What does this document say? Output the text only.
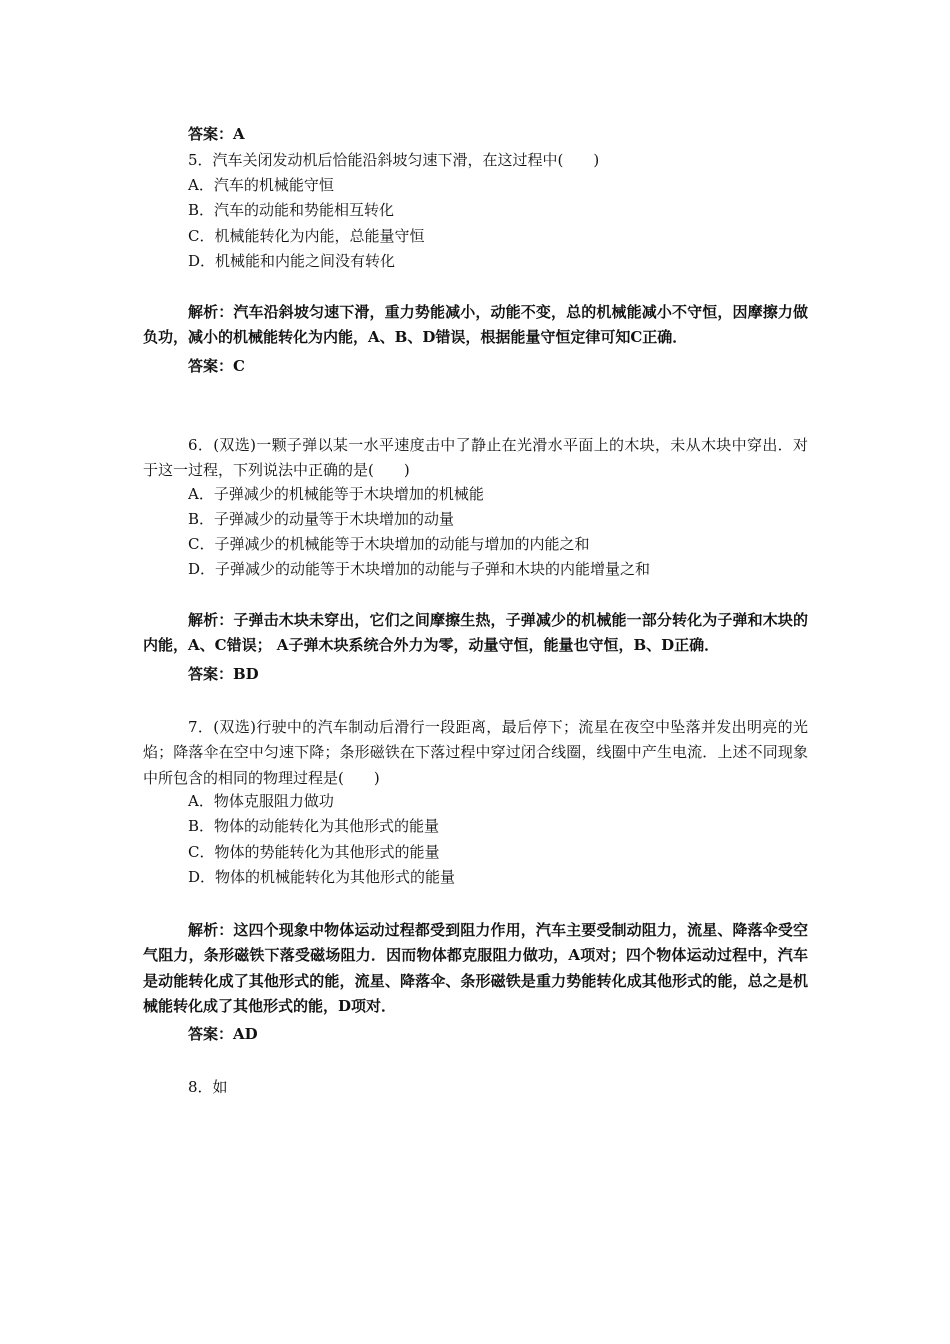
答案：A
5．汽车关闭发动机后恰能沿斜坡匀速下滑，在这过程中(　　)
A．汽车的机械能守恒
B．汽车的动能和势能相互转化
C．机械能转化为内能，总能量守恒
D．机械能和内能之间没有转化
解析：汽车沿斜坡匀速下滑，重力势能减小，动能不变，总的机械能减小不守恒，因摩擦力做负功，减小的机械能转化为内能，A、B、D错误，根据能量守恒定律可知C正确．
答案：C
6．(双选)一颗子弹以某一水平速度击中了静止在光滑水平面上的木块，未从木块中穿出．对于这一过程，下列说法中正确的是(　　)
A．子弹减少的机械能等于木块增加的机械能
B．子弹减少的动量等于木块增加的动量
C．子弹减少的机械能等于木块增加的动能与增加的内能之和
D．子弹减少的动能等于木块增加的动能与子弹和木块的内能增量之和
解析：子弹击木块未穿出，它们之间摩擦生热，子弹减少的机械能一部分转化为子弹和木块的内能，A、C错误； A子弹木块系统合外力为零，动量守恒，能量也守恒，B、D正确．
答案：BD
7．(双选)行驶中的汽车制动后滑行一段距离，最后停下；流星在夜空中坠落并发出明亮的光焰；降落伞在空中匀速下降；条形磁铁在下落过程中穿过闭合线圈，线圈中产生电流．上述不同现象中所包含的相同的物理过程是(　　)
A．物体克服阻力做功
B．物体的动能转化为其他形式的能量
C．物体的势能转化为其他形式的能量
D．物体的机械能转化为其他形式的能量
解析：这四个现象中物体运动过程都受到阻力作用，汽车主要受制动阻力，流星、降落伞受空气阻力，条形磁铁下落受磁场阻力．因而物体都克服阻力做功，A项对；四个物体运动过程中，汽车是动能转化成了其他形式的能，流星、降落伞、条形磁铁是重力势能转化成其他形式的能，总之是机械能转化成了其他形式的能，D项对．
答案：AD
8．如
